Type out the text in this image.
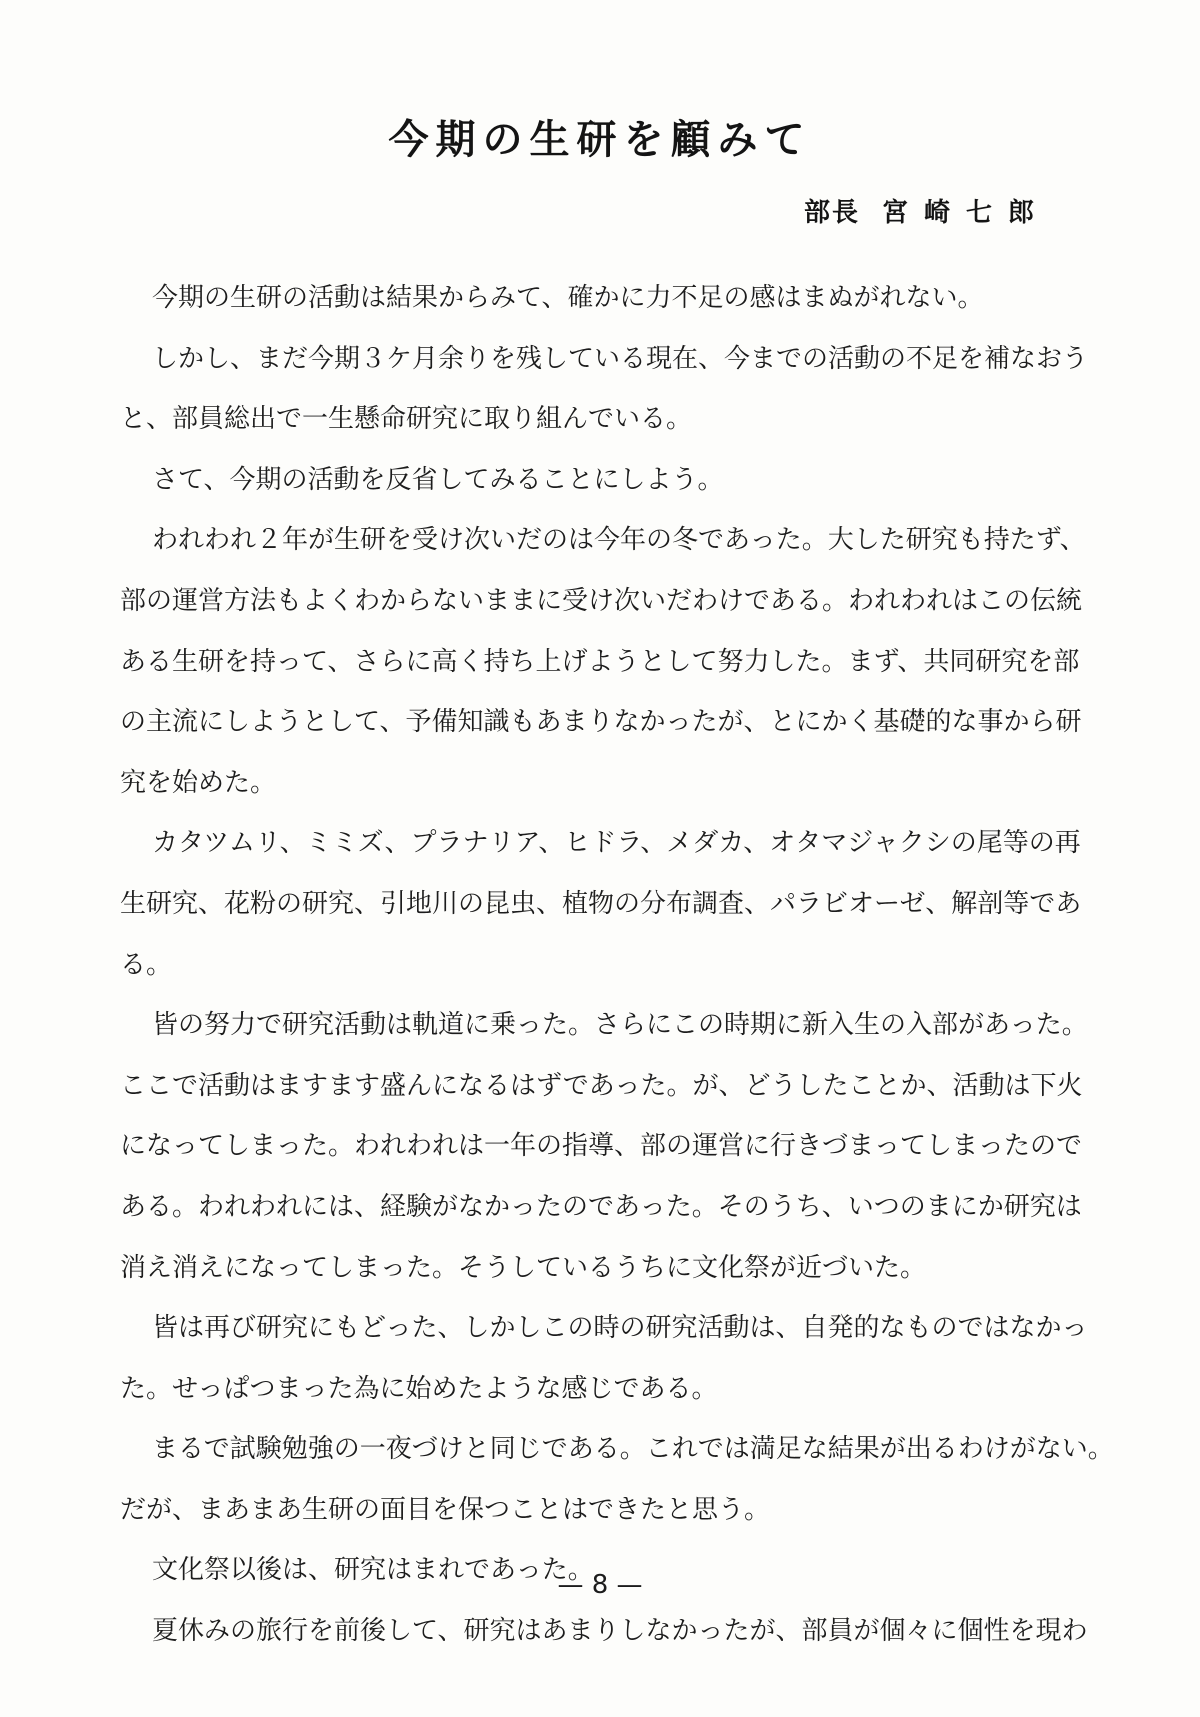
今期の生研を顧みて
部長 宮崎七郎
今期の生研の活動は結果からみて、確かに力不足の感はまぬがれない。
しかし、まだ今期３ケ月余りを残している現在、今までの活動の不足を補なおう
と、部員総出で一生懸命研究に取り組んでいる。
さて、今期の活動を反省してみることにしよう。
われわれ２年が生研を受け次いだのは今年の冬であった。大した研究も持たず、
部の運営方法もよくわからないままに受け次いだわけである。われわれはこの伝統
ある生研を持って、さらに高く持ち上げようとして努力した。まず、共同研究を部
の主流にしようとして、予備知識もあまりなかったが、とにかく基礎的な事から研
究を始めた。
カタツムリ、ミミズ、プラナリア、ヒドラ、メダカ、オタマジャクシの尾等の再
生研究、花粉の研究、引地川の昆虫、植物の分布調査、パラビオーゼ、解剖等であ
る。
皆の努力で研究活動は軌道に乗った。さらにこの時期に新入生の入部があった。
ここで活動はますます盛んになるはずであった。が、どうしたことか、活動は下火
になってしまった。われわれは一年の指導、部の運営に行きづまってしまったので
ある。われわれには、経験がなかったのであった。そのうち、いつのまにか研究は
消え消えになってしまった。そうしているうちに文化祭が近づいた。
皆は再び研究にもどった、しかしこの時の研究活動は、自発的なものではなかっ
た。せっぱつまった為に始めたような感じである。
まるで試験勉強の一夜づけと同じである。これでは満足な結果が出るわけがない。
だが、まあまあ生研の面目を保つことはできたと思う。
文化祭以後は、研究はまれであった。
夏休みの旅行を前後して、研究はあまりしなかったが、部員が個々に個性を現わ
— 8 —
